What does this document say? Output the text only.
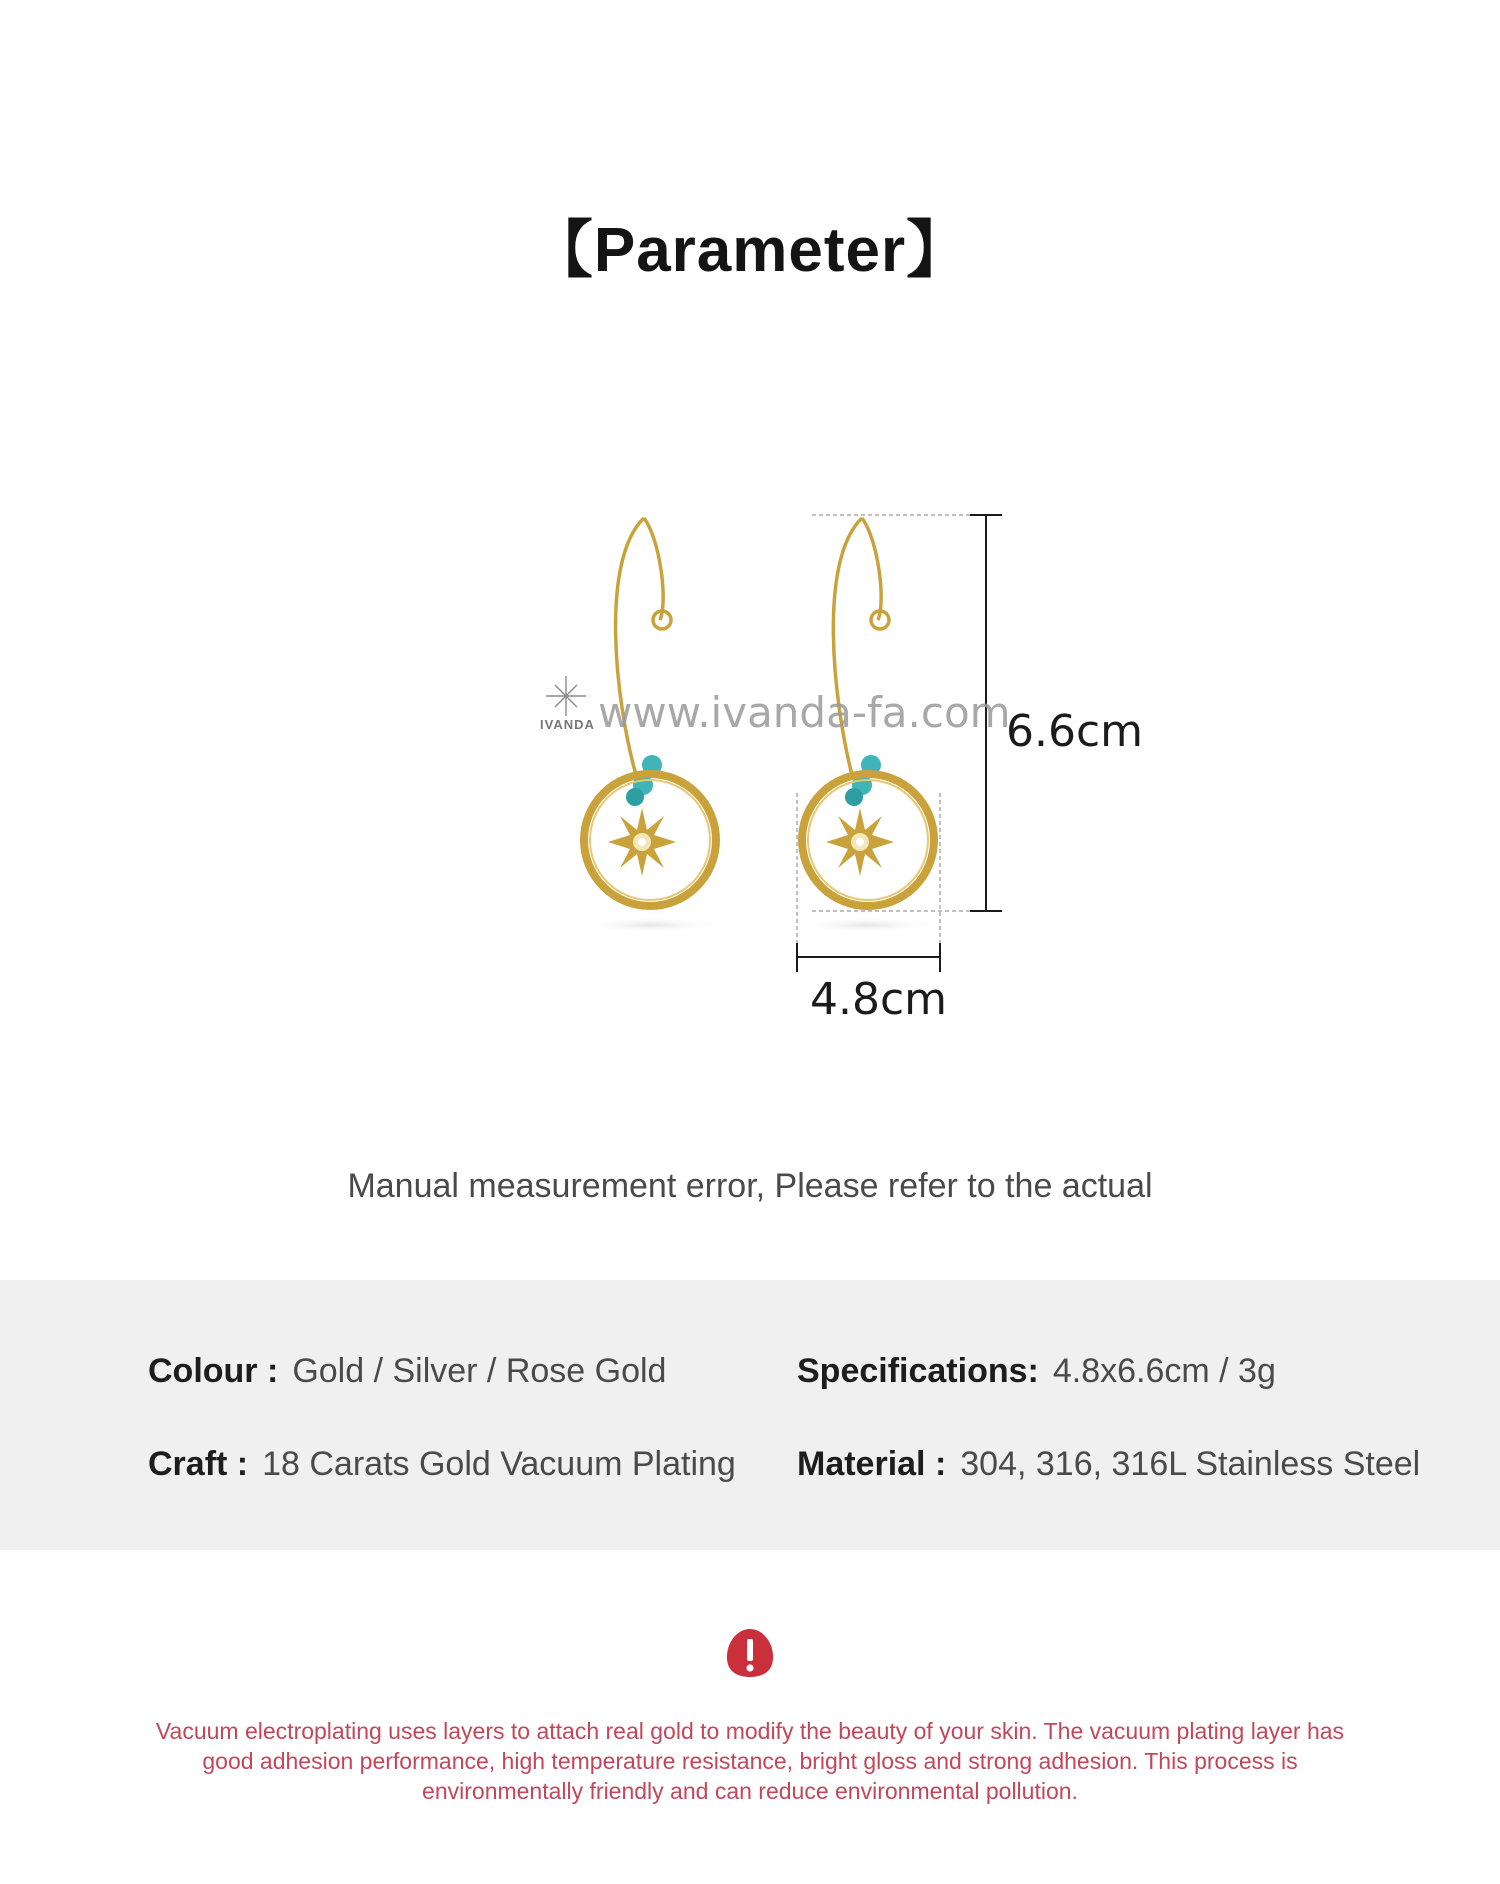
【Parameter】
www.ivanda-fa.com
IVANDA	6.6cm
4.8cm
Manual measurement error, Please refer to the actual
Colour : Gold / Silver / Rose Gold	Specifications: 4.8x6.6cm / 3g
Craft : 18 Carats Gold Vacuum Plating Material : 304, 316, 316L Stainless Steel
Vacuum electroplating uses layers to attach real gold to modify the beauty of your skin. The vacuum plating layer has good adhesion performance, high temperature resistance, bright gloss and strong adhesion. This process is environmentally friendly and can reduce environmental pollution.
